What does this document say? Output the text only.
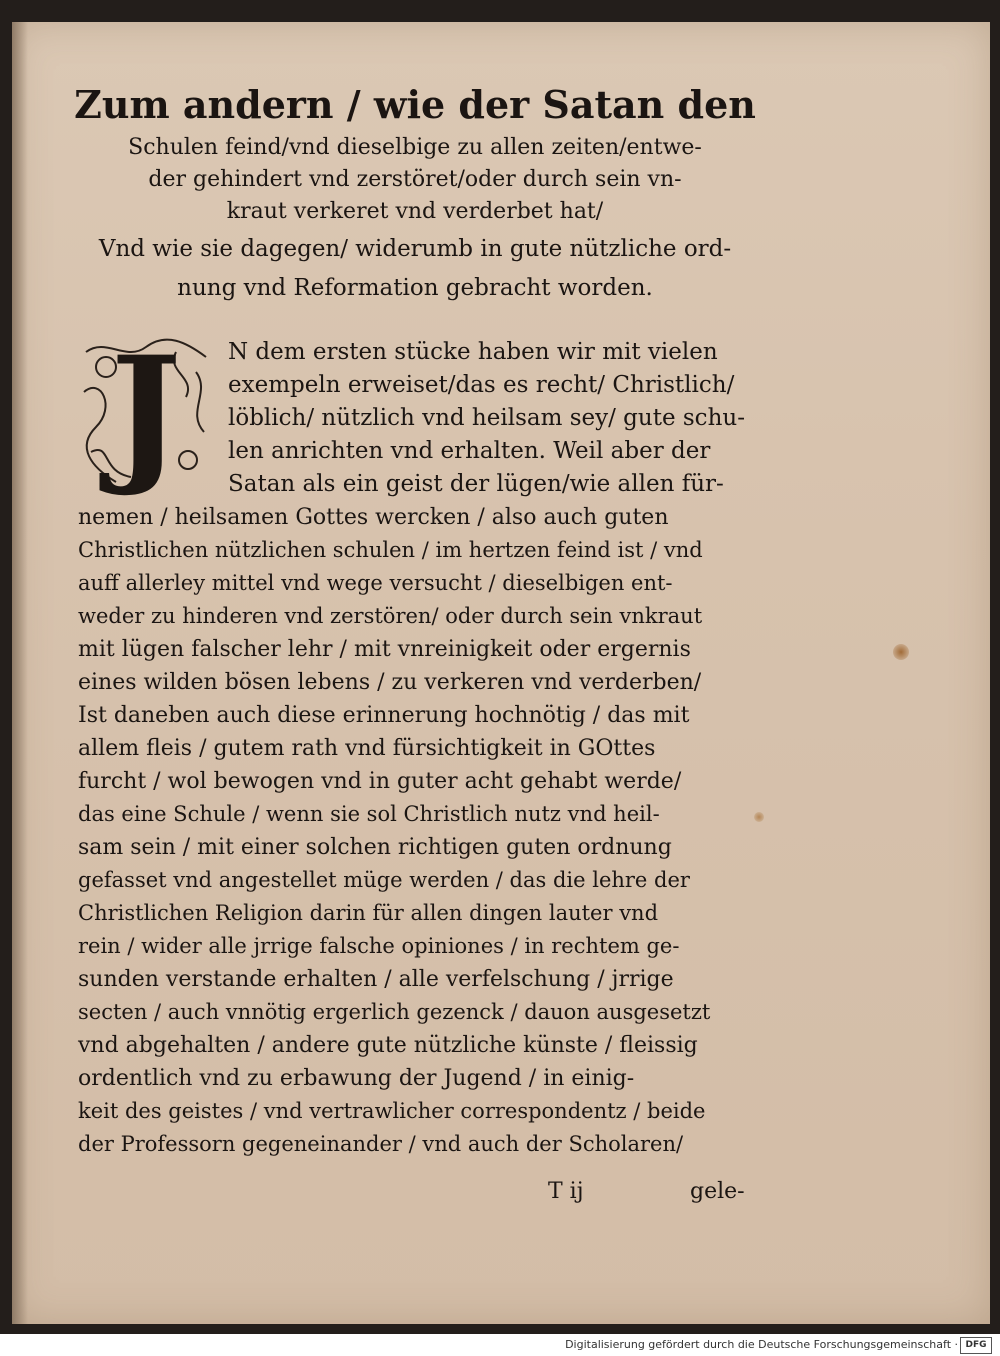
Zum andern / wie der Satan den
Schulen feind/vnd dieselbige zu allen zeiten/entwe-
der gehindert vnd zerstöret/oder durch sein vn-
kraut verkeret vnd verderbet hat/
Vnd wie sie dagegen/ widerumb in gute nützliche ord-
nung vnd Reformation gebracht worden.
J	N dem ersten stücke haben wir mit vielen
exempeln erweiset/das es recht/ Christlich/
löblich/ nützlich vnd heilsam sey/ gute schu-
len anrichten vnd erhalten. Weil aber der
Satan als ein geist der lügen/wie allen für-
nemen / heilsamen Gottes wercken / also auch guten
Christlichen nützlichen schulen / im hertzen feind ist / vnd
auff allerley mittel vnd wege versucht / dieselbigen ent-
weder zu hinderen vnd zerstören/ oder durch sein vnkraut
mit lügen falscher lehr / mit vnreinigkeit oder ergernis
eines wilden bösen lebens / zu verkeren vnd verderben/
Ist daneben auch diese erinnerung hochnötig / das mit
allem fleis / gutem rath vnd fürsichtigkeit in GOttes
furcht / wol bewogen vnd in guter acht gehabt werde/
das eine Schule / wenn sie sol Christlich nutz vnd heil-
sam sein / mit einer solchen richtigen guten ordnung
gefasset vnd angestellet müge werden / das die lehre der
Christlichen Religion darin für allen dingen lauter vnd
rein / wider alle jrrige falsche opiniones / in rechtem ge-
sunden verstande erhalten / alle verfelschung / jrrige
secten / auch vnnötig ergerlich gezenck / dauon ausgesetzt
vnd abgehalten / andere gute nützliche künste / fleissig
ordentlich vnd zu erbawung der Jugend / in einig-
keit des geistes / vnd vertrawlicher correspondentz / beide
der Professorn gegeneinander / vnd auch der Scholaren/
T ij	gele-
Digitalisierung gefördert durch die Deutsche Forschungsgemeinschaft · DFG
